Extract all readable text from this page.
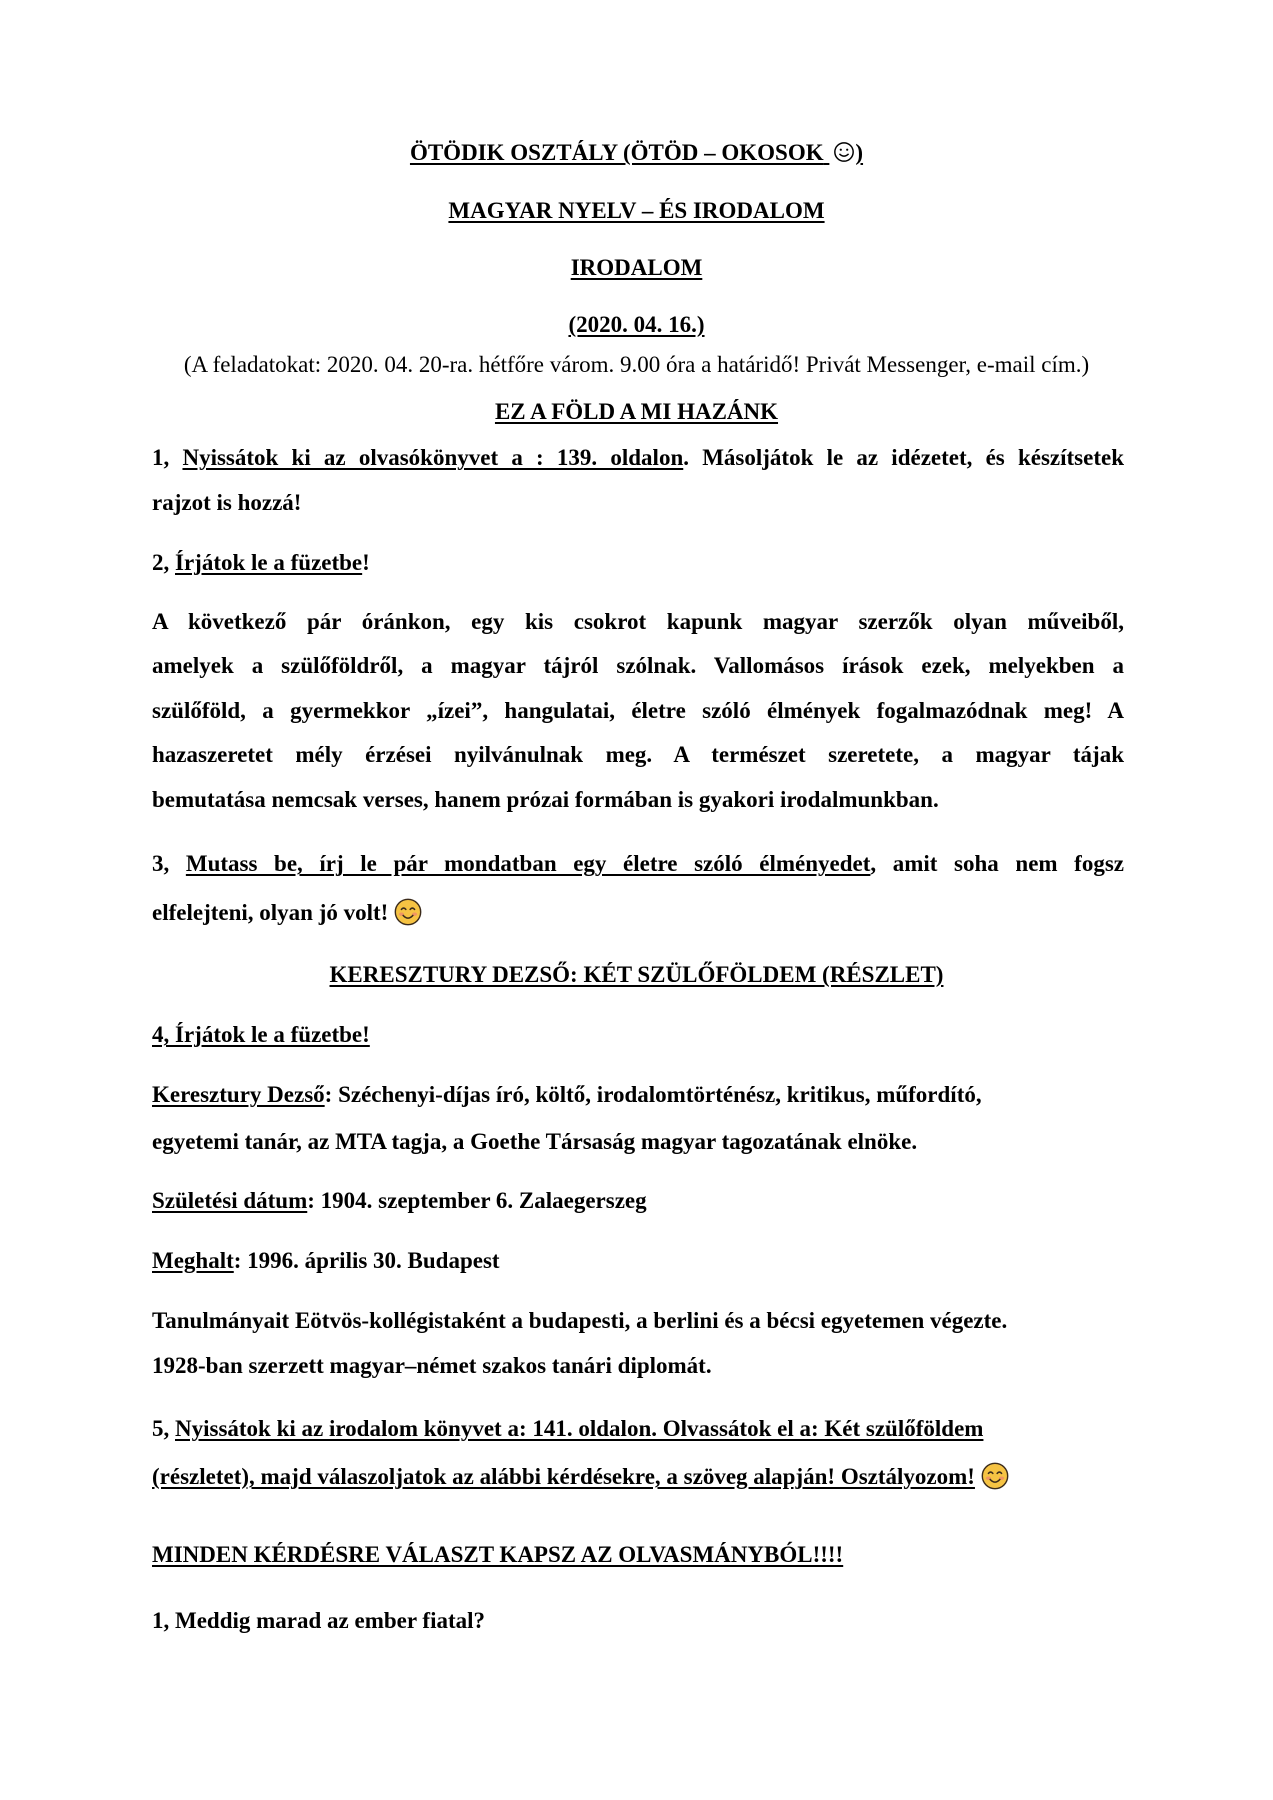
ÖTÖDIK OSZTÁLY (ÖTÖD – OKOSOK )
MAGYAR NYELV – ÉS IRODALOM
IRODALOM
(2020. 04. 16.)
(A feladatokat: 2020. 04. 20-ra. hétfőre várom. 9.00 óra a határidő! Privát Messenger, e-mail cím.)
EZ A FÖLD A MI HAZÁNK
1, Nyissátok ki az olvasókönyvet a : 139. oldalon. Másoljátok le az idézetet, és készítsetek
rajzot is hozzá!
2, Írjátok le a füzetbe!
A következő pár óránkon, egy kis csokrot kapunk magyar szerzők olyan műveiből,
amelyek a szülőföldről, a magyar tájról szólnak. Vallomásos írások ezek, melyekben a
szülőföld, a gyermekkor „ízei”, hangulatai, életre szóló élmények fogalmazódnak meg! A
hazaszeretet mély érzései nyilvánulnak meg. A természet szeretete, a magyar tájak
bemutatása nemcsak verses, hanem prózai formában is gyakori irodalmunkban.
3, Mutass be, írj le pár mondatban egy életre szóló élményedet, amit soha nem fogsz
elfelejteni, olyan jó volt!
KERESZTURY DEZSŐ: KÉT SZÜLŐFÖLDEM (RÉSZLET)
4, Írjátok le a füzetbe!
Keresztury Dezső: Széchenyi-díjas író, költő, irodalomtörténész, kritikus, műfordító,
egyetemi tanár, az MTA tagja, a Goethe Társaság magyar tagozatának elnöke.
Születési dátum: 1904. szeptember 6. Zalaegerszeg
Meghalt: 1996. április 30. Budapest
Tanulmányait Eötvös-kollégistaként a budapesti, a berlini és a bécsi egyetemen végezte.
1928-ban szerzett magyar–német szakos tanári diplomát.
5, Nyissátok ki az irodalom könyvet a: 141. oldalon. Olvassátok el a: Két szülőföldem
(részletet), majd válaszoljatok az alábbi kérdésekre, a szöveg alapján! Osztályozom!
MINDEN KÉRDÉSRE VÁLASZT KAPSZ AZ OLVASMÁNYBÓL!!!!
1, Meddig marad az ember fiatal?
